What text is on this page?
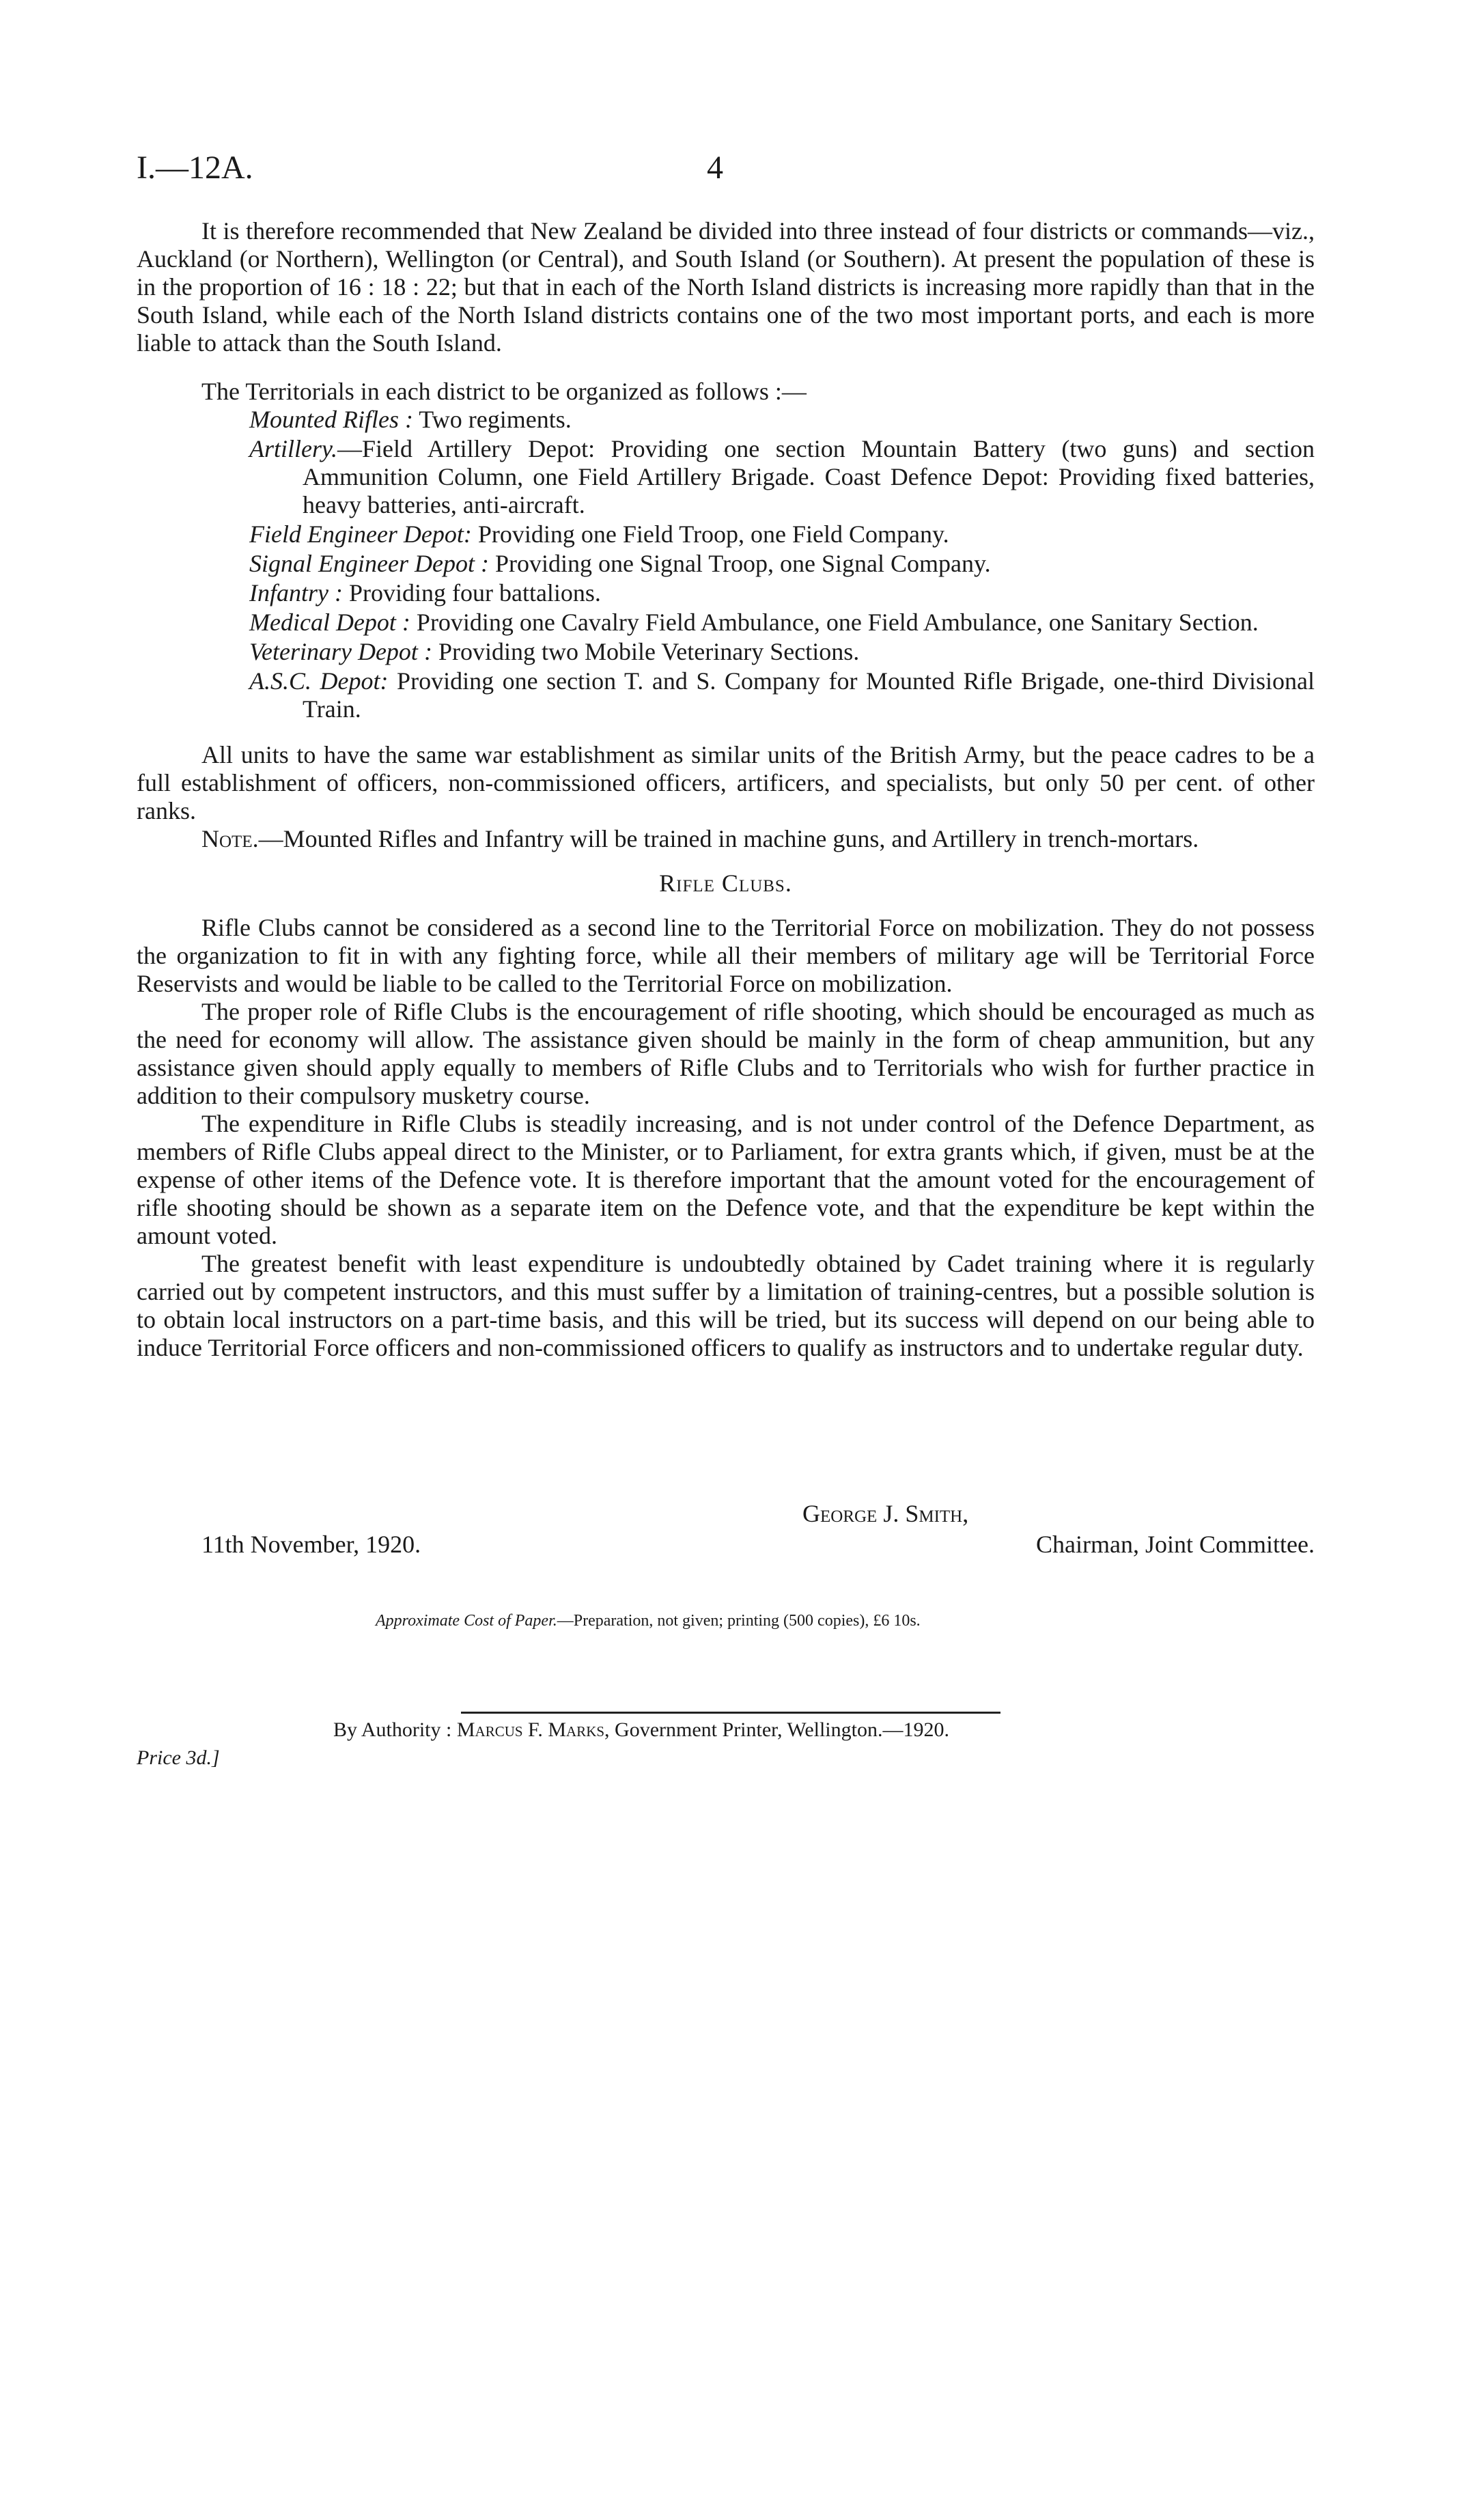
I.—12A.	4

It is therefore recommended that New Zealand be divided into three instead of four districts or commands—viz., Auckland (or Northern), Wellington (or Central), and South Island (or Southern). At present the population of these is in the proportion of 16 : 18 : 22; but that in each of the North Island districts is increasing more rapidly than that in the South Island, while each of the North Island districts contains one of the two most important ports, and each is more liable to attack than the South Island.

The Territorials in each district to be organized as follows :—

Mounted Rifles : Two regiments.

Artillery.—Field Artillery Depot: Providing one section Mountain Battery (two guns) and section Ammunition Column, one Field Artillery Brigade. Coast Defence Depot: Providing fixed batteries, heavy batteries, anti-aircraft.

Field Engineer Depot: Providing one Field Troop, one Field Company.

Signal Engineer Depot : Providing one Signal Troop, one Signal Company.

Infantry : Providing four battalions.

Medical Depot : Providing one Cavalry Field Ambulance, one Field Ambulance, one Sanitary Section.

Veterinary Depot : Providing two Mobile Veterinary Sections.

A.S.C. Depot: Providing one section T. and S. Company for Mounted Rifle Brigade, one-third Divisional Train.

All units to have the same war establishment as similar units of the British Army, but the peace cadres to be a full establishment of officers, non-commissioned officers, artificers, and specialists, but only 50 per cent. of other ranks.

Note.—Mounted Rifles and Infantry will be trained in machine guns, and Artillery in trench-mortars.

Rifle Clubs.

Rifle Clubs cannot be considered as a second line to the Territorial Force on mobilization. They do not possess the organization to fit in with any fighting force, while all their members of military age will be Territorial Force Reservists and would be liable to be called to the Territorial Force on mobilization.

The proper role of Rifle Clubs is the encouragement of rifle shooting, which should be encouraged as much as the need for economy will allow. The assistance given should be mainly in the form of cheap ammunition, but any assistance given should apply equally to members of Rifle Clubs and to Territorials who wish for further practice in addition to their compulsory musketry course.

The expenditure in Rifle Clubs is steadily increasing, and is not under control of the Defence Department, as members of Rifle Clubs appeal direct to the Minister, or to Parliament, for extra grants which, if given, must be at the expense of other items of the Defence vote. It is therefore important that the amount voted for the encouragement of rifle shooting should be shown as a separate item on the Defence vote, and that the expenditure be kept within the amount voted.

The greatest benefit with least expenditure is undoubtedly obtained by Cadet training where it is regularly carried out by competent instructors, and this must suffer by a limitation of training-centres, but a possible solution is to obtain local instructors on a part-time basis, and this will be tried, but its success will depend on our being able to induce Territorial Force officers and non-commissioned officers to qualify as instructors and to undertake regular duty.

George J. Smith,
11th November, 1920.	Chairman, Joint Committee.
Approximate Cost of Paper.—Preparation, not given; printing (500 copies), £6 10s.
By Authority : Marcus F. Marks, Government Printer, Wellington.—1920.
Price 3d.]
